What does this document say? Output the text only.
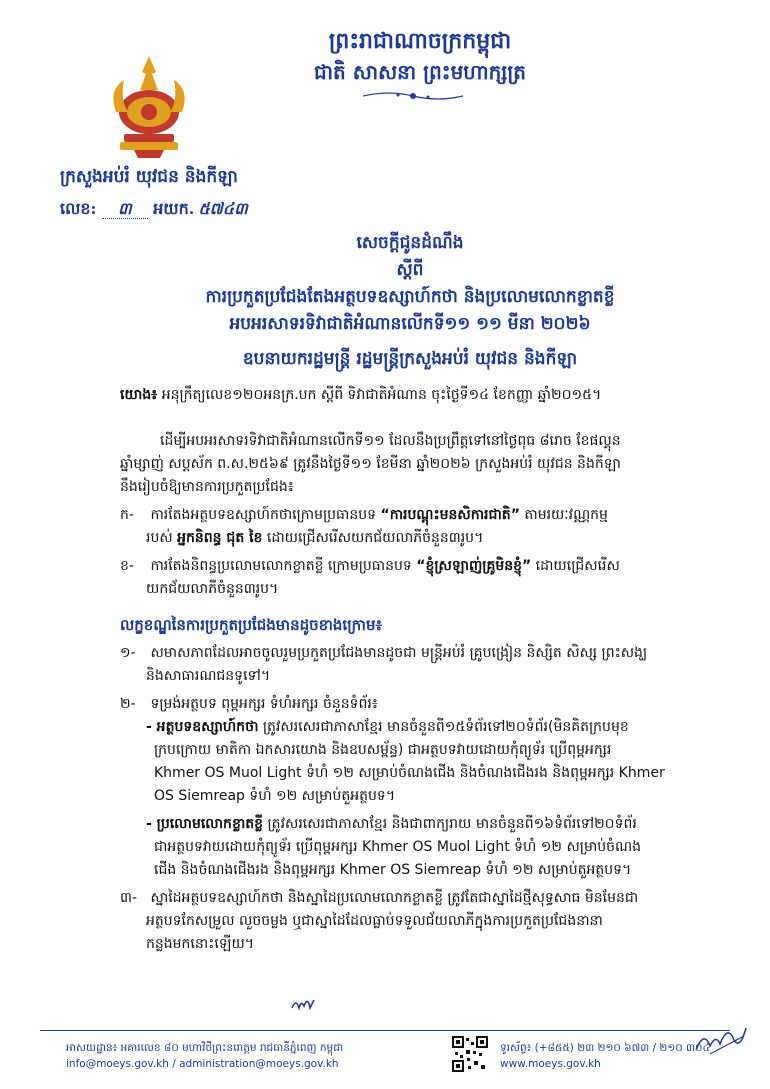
ព្រះរាជាណាចក្រកម្ពុជា
ជាតិ សាសនា ព្រះមហាក្សត្រ
ក្រសួងអប់រំ យុវជន និងកីឡា
លេខ: ៣ អយក. ៥៧៤៣
សេចក្ដីជូនដំណឹង
ស្ដីពី
ការប្រកួតប្រជែងតែងអត្ថបទឧស្សាហ៍កថា និងប្រលោមលោកខ្លាតខ្លី
អបអរសាទរទិវាជាតិអំណានលើកទី១១ ១១ មីនា ២០២៦
ឧបនាយករដ្ឋមន្ត្រី រដ្ឋមន្ត្រីក្រសួងអប់រំ យុវជន និងកីឡា
យោង៖ អនុក្រឹត្យលេខ១២០អនក្រ.បក ស្ដីពី ទិវាជាតិអំណាន ចុះថ្ងៃទី១៤ ខែកញ្ញា ឆ្នាំ២០១៥។
ដើម្បីអបអរសាទរទិវាជាតិអំណានលើកទី១១ ដែលនឹងប្រព្រឹត្តទៅនៅថ្ងៃពុធ ៨រោច ខែផល្គុន
ឆ្នាំម្សាញ់ សប្តស័ក ព.ស.២៥៦៩ ត្រូវនឹងថ្ងៃទី១១ ខែមីនា ឆ្នាំ២០២៦ ក្រសួងអប់រំ យុវជន និងកីឡា
នឹងរៀបចំឱ្យមានការប្រកួតប្រជែង៖
ក- ការតែងអត្ថបទឧស្សាហ៍កថាក្រោមប្រធានបទ “ការបណ្ដុះមនសិការជាតិ” តាមរយៈវណ្ណកម្ម
របស់ អ្នកនិពន្ធ ជុត ខៃ ដោយជ្រើសរើសយកជ័យលាភីចំនួន៣រូប។
ខ- ការតែងនិពន្ធប្រលោមលោកខ្លាតខ្លី ក្រោមប្រធានបទ “ខ្ញុំស្រឡាញ់គ្រូមិនខ្ញុំ” ដោយជ្រើសរើស
យកជ័យលាភីចំនួន៣រូប។
លក្ខខណ្ឌនៃការប្រកួតប្រជែងមានដូចខាងក្រោម៖
១- សមាសភាពដែលអាចចូលរួមប្រកួតប្រជែងមានដូចជា មន្ត្រីអប់រំ គ្រូបង្រៀន និស្សិត សិស្ស ព្រះសង្ឃ
និងសាធារណជនទូទៅ។
២- ទម្រង់អត្ថបទ ពុម្ពអក្សរ ទំហំអក្សរ ចំនួនទំព័រ៖
- អត្ថបទឧស្សាហ៍កថា ត្រូវសរសេរជាភាសាខ្មែរ មានចំនួនពី១៥ទំព័រទៅ២០ទំព័រ(មិនគិតក្របមុខ
ក្របក្រោយ មាតិកា ឯកសារយោង និងឧបសម្ព័ន្ធ) ជាអត្ថបទវាយដោយកុំព្យូទ័រ ប្រើពុម្ពអក្សរ
Khmer OS Muol Light ទំហំ ១២ សម្រាប់ចំណងជើង និងចំណងជើងរង និងពុម្ពអក្សរ Khmer
OS Siemreap ទំហំ ១២ សម្រាប់តួអត្ថបទ។
- ប្រលោមលោកខ្លាតខ្លី ត្រូវសរសេរជាភាសាខ្មែរ និងជាពាក្យរាយ មានចំនួនពី១៦ទំព័រទៅ២០ទំព័រ
ជាអត្ថបទវាយដោយកុំព្យូទ័រ ប្រើពុម្ពអក្សរ Khmer OS Muol Light ទំហំ ១២ សម្រាប់ចំណង
ជើង និងចំណងជើងរង និងពុម្ពអក្សរ Khmer OS Siemreap ទំហំ ១២ សម្រាប់តួអត្ថបទ។
៣- ស្នាដៃអត្ថបទឧស្សាហ៍កថា និងស្នាដៃប្រលោមលោកខ្លាតខ្លី ត្រូវតែជាស្នាដៃថ្មីសុទ្ធសាធ មិនមែនជា
អត្ថបទកែសម្រួល លួចចម្លង ឬជាស្នាដៃដែលធ្លាប់ទទួលជ័យលាភីក្នុងការប្រកួតប្រជែងនានា
កន្លងមកនោះឡើយ។
អាសយដ្ឋាន៖ អគារលេខ ៨០ មហាវិថីព្រះនរោត្តម រាជធានីភ្នំពេញ កម្ពុជា
info@moeys.gov.kh / administration@moeys.gov.kh
ទូរស័ព្ទ៖ (+៨៥៥) ២៣ ២១០ ៦៧៣ / ២១០ ៣០៤
www.moeys.gov.kh
